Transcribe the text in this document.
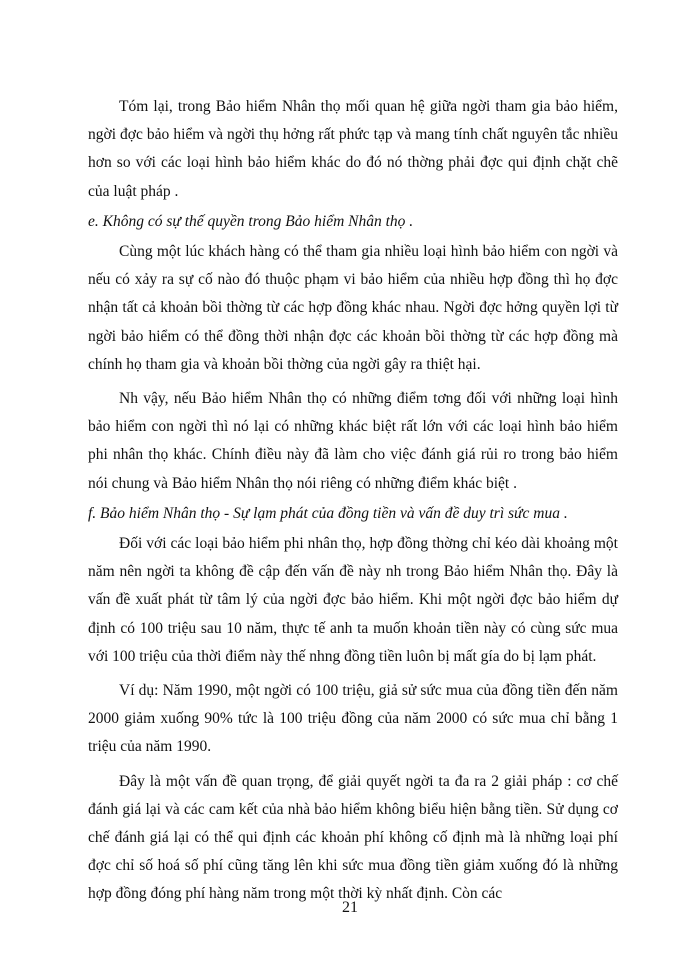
Tóm lại, trong Bảo hiểm Nhân thọ mối quan hệ giữa ngời tham gia bảo hiểm, ngời đợc bảo hiểm và ngời thụ hởng rất phức tạp và mang tính chất nguyên tắc nhiều hơn so với các loại hình bảo hiểm khác do đó nó thờng phải đợc qui định chặt chẽ của luật pháp .

e. Không có sự thế quyền trong Bảo hiểm Nhân thọ .

Cùng một lúc khách hàng có thể tham gia nhiều loại hình bảo hiểm con ngời và nếu có xảy ra sự cố nào đó thuộc phạm vi bảo hiểm của nhiều hợp đồng thì họ đợc nhận tất cả khoản bồi thờng từ các hợp đồng khác nhau. Ngời đợc hởng quyền lợi từ ngời bảo hiểm có thể đồng thời nhận đợc các khoản bồi thờng từ các hợp đồng mà chính họ tham gia và khoản bồi thờng của ngời gây ra thiệt hại.

Nh vậy, nếu Bảo hiểm Nhân thọ có những điểm tơng đối với những loại hình bảo hiểm con ngời thì nó lại có những khác biệt rất lớn với các loại hình bảo hiểm phi nhân thọ khác. Chính điều này đã làm cho việc đánh giá rủi ro trong bảo hiểm nói chung và Bảo hiểm Nhân thọ nói riêng có những điểm khác biệt .

f. Bảo hiểm Nhân thọ - Sự lạm phát của đồng tiền và vấn đề duy trì sức mua .

Đối với các loại bảo hiểm phi nhân thọ, hợp đồng thờng chỉ kéo dài khoảng một năm nên ngời ta không đề cập đến vấn đề này nh trong Bảo hiểm Nhân thọ. Đây là vấn đề xuất phát từ tâm lý của ngời đợc bảo hiểm. Khi một ngời đợc bảo hiểm dự định có 100 triệu sau 10 năm, thực tế anh ta muốn khoản tiền này có cùng sức mua với 100 triệu của thời điểm này thế nhng đồng tiền luôn bị mất gía do bị lạm phát.

Ví dụ: Năm 1990, một ngời có 100 triệu, giả sử sức mua của đồng tiền đến năm 2000 giảm xuống 90% tức là 100 triệu đồng của năm 2000 có sức mua chỉ bằng 1 triệu của năm 1990.

Đây là một vấn đề quan trọng, để giải quyết ngời ta đa ra 2 giải pháp : cơ chế đánh giá lại và các cam kết của nhà bảo hiểm không biểu hiện bằng tiền. Sử dụng cơ chế đánh giá lại có thể qui định các khoản phí không cố định mà là những loại phí đợc chỉ số hoá số phí cũng tăng lên khi sức mua đồng tiền giảm xuống đó là những hợp đồng đóng phí hàng năm trong một thời kỳ nhất định. Còn các

21
